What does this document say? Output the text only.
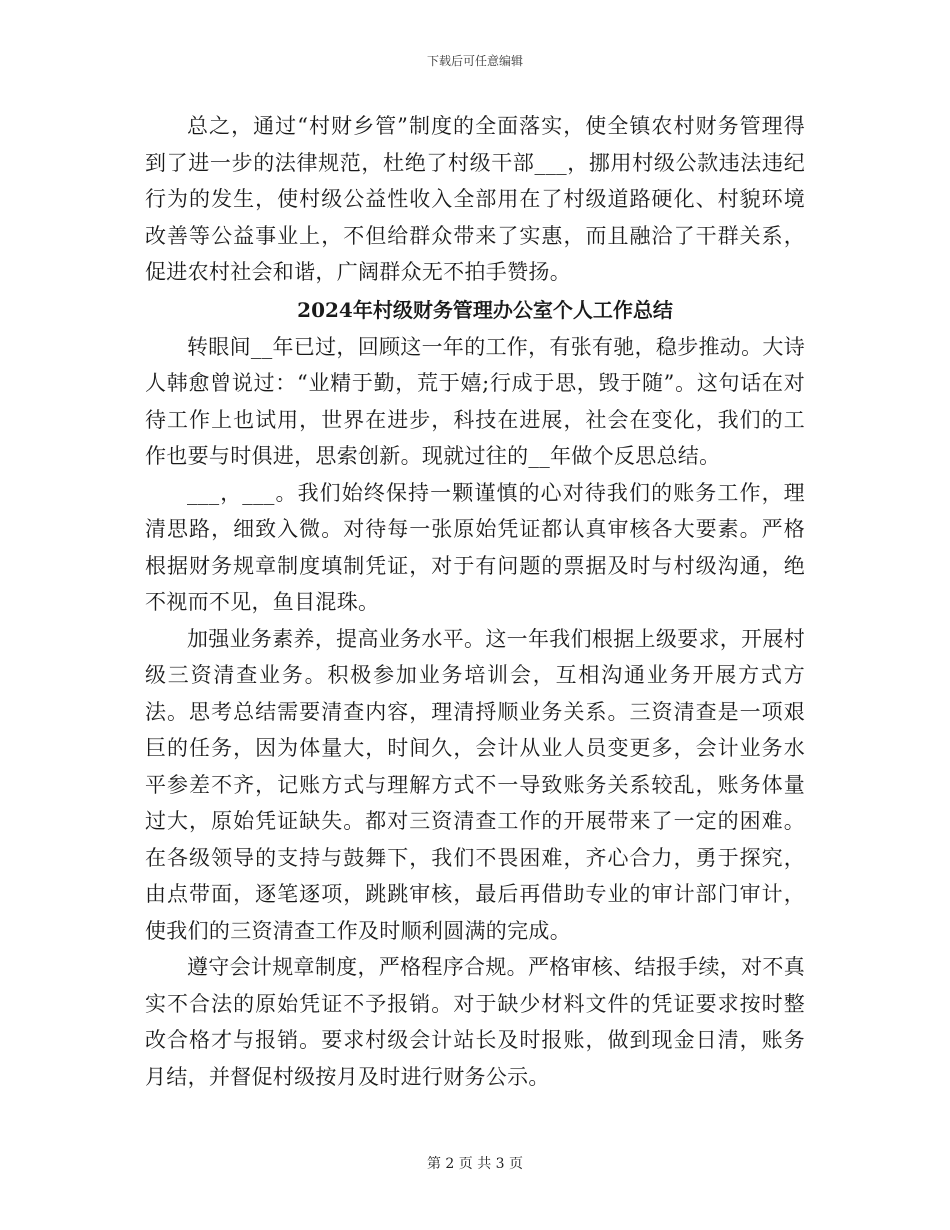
下载后可任意编辑

总之，通过“村财乡管”制度的全面落实，使全镇农村财务管理得到了进一步的法律规范，杜绝了村级干部___，挪用村级公款违法违纪行为的发生，使村级公益性收入全部用在了村级道路硬化、村貌环境改善等公益事业上，不但给群众带来了实惠，而且融洽了干群关系，促进农村社会和谐，广阔群众无不拍手赞扬。

2024年村级财务管理办公室个人工作总结

转眼间__年已过，回顾这一年的工作，有张有驰，稳步推动。大诗人韩愈曾说过：“业精于勤，荒于嬉;行成于思，毁于随”。这句话在对待工作上也试用，世界在进步，科技在进展，社会在变化，我们的工作也要与时俱进，思索创新。现就过往的__年做个反思总结。

___，___。我们始终保持一颗谨慎的心对待我们的账务工作，理清思路，细致入微。对待每一张原始凭证都认真审核各大要素。严格根据财务规章制度填制凭证，对于有问题的票据及时与村级沟通，绝不视而不见，鱼目混珠。

加强业务素养，提高业务水平。这一年我们根据上级要求，开展村级三资清查业务。积极参加业务培训会，互相沟通业务开展方式方法。思考总结需要清查内容，理清捋顺业务关系。三资清查是一项艰巨的任务，因为体量大，时间久，会计从业人员变更多，会计业务水平参差不齐，记账方式与理解方式不一导致账务关系较乱，账务体量过大，原始凭证缺失。都对三资清查工作的开展带来了一定的困难。在各级领导的支持与鼓舞下，我们不畏困难，齐心合力，勇于探究，由点带面，逐笔逐项，跳跳审核，最后再借助专业的审计部门审计，使我们的三资清查工作及时顺利圆满的完成。

遵守会计规章制度，严格程序合规。严格审核、结报手续，对不真实不合法的原始凭证不予报销。对于缺少材料文件的凭证要求按时整改合格才与报销。要求村级会计站长及时报账，做到现金日清，账务月结，并督促村级按月及时进行财务公示。

第 2 页 共 3 页
